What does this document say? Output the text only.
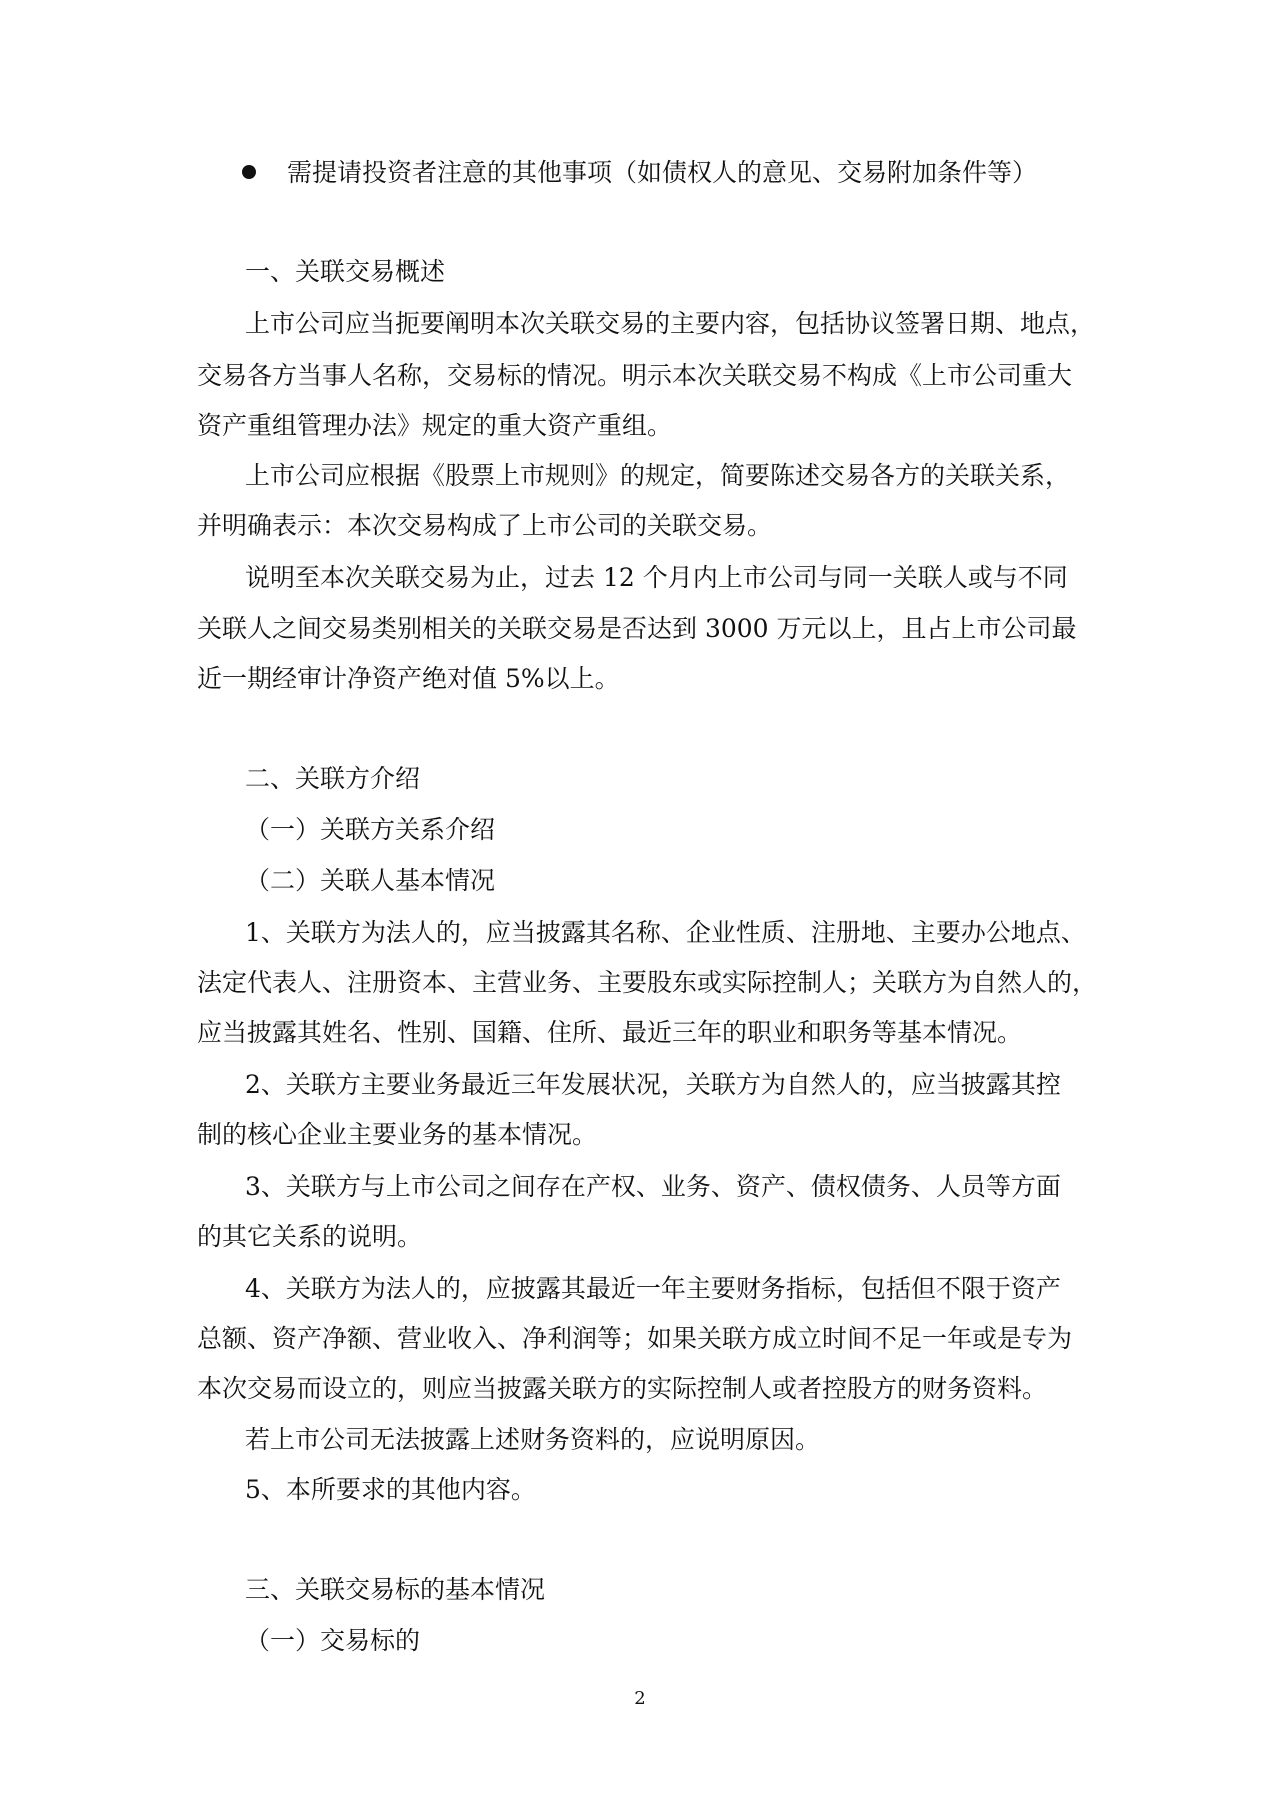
需提请投资者注意的其他事项（如债权人的意见、交易附加条件等）
一、关联交易概述
上市公司应当扼要阐明本次关联交易的主要内容，包括协议签署日期、地点，
交易各方当事人名称，交易标的情况。明示本次关联交易不构成《上市公司重大
资产重组管理办法》规定的重大资产重组。
上市公司应根据《股票上市规则》的规定，简要陈述交易各方的关联关系，
并明确表示：本次交易构成了上市公司的关联交易。
说明至本次关联交易为止，过去 12 个月内上市公司与同一关联人或与不同
关联人之间交易类别相关的关联交易是否达到 3000 万元以上，且占上市公司最
近一期经审计净资产绝对值 5%以上。
二、关联方介绍
（一）关联方关系介绍
（二）关联人基本情况
1、关联方为法人的，应当披露其名称、企业性质、注册地、主要办公地点、
法定代表人、注册资本、主营业务、主要股东或实际控制人；关联方为自然人的，
应当披露其姓名、性别、国籍、住所、最近三年的职业和职务等基本情况。
2、关联方主要业务最近三年发展状况，关联方为自然人的，应当披露其控
制的核心企业主要业务的基本情况。
3、关联方与上市公司之间存在产权、业务、资产、债权债务、人员等方面
的其它关系的说明。
4、关联方为法人的，应披露其最近一年主要财务指标，包括但不限于资产
总额、资产净额、营业收入、净利润等；如果关联方成立时间不足一年或是专为
本次交易而设立的，则应当披露关联方的实际控制人或者控股方的财务资料。
若上市公司无法披露上述财务资料的，应说明原因。
5、本所要求的其他内容。
三、关联交易标的基本情况
（一）交易标的
2
